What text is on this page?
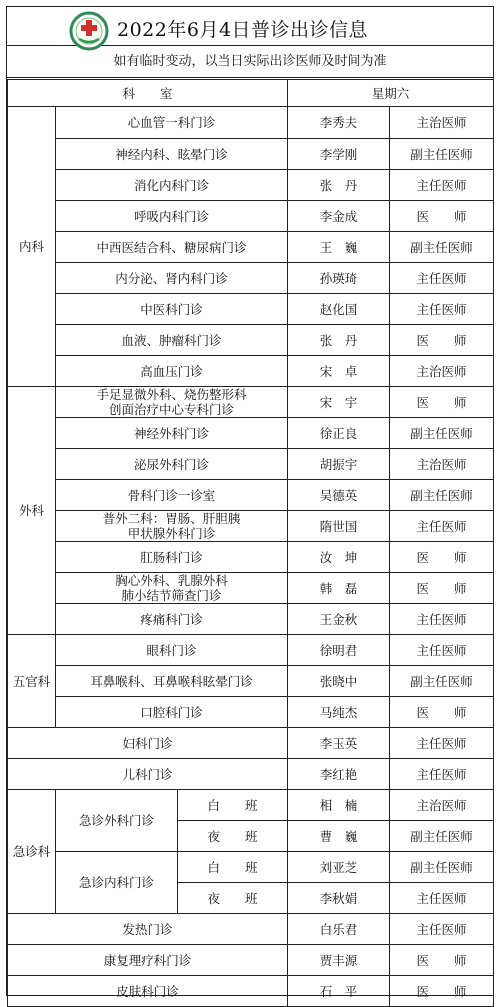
2022年6月4日普诊出诊信息
如有临时变动，以当日实际出诊医师及时间为准
科　　室			星期六	
内科	心血管一科门诊		李秀夫	主治医师
	神经内科、眩晕门诊		李学刚	副主任医师
	消化内科门诊		张　丹	主任医师
	呼吸内科门诊		李金成	医　　师
	中西医结合科、糖尿病门诊		王　巍	副主任医师
	内分泌、肾内科门诊		孙瑛琦	主任医师
	中医科门诊		赵化国	主任医师
	血液、肿瘤科门诊		张　丹	医　　师
	高血压门诊		宋　卓	主治医师
外科	手足显微外科、烧伤整形科
创面治疗中心专科门诊		宋　宇	医　　师
	神经外科门诊		徐正良	副主任医师
	泌尿外科门诊		胡振宇	主治医师
	骨科门诊一诊室		吴德英	副主任医师
	普外二科：胃肠、肝胆胰
甲状腺外科门诊		隋世国	主任医师
	肛肠科门诊		汝　坤	医　　师
	胸心外科、乳腺外科
肺小结节筛查门诊		韩　磊	医　　师
	疼痛科门诊		王金秋	主任医师
五官科	眼科门诊		徐明君	主任医师
	耳鼻喉科、耳鼻喉科眩晕门诊		张晓中	副主任医师
	口腔科门诊		马纯杰	医　　师
妇科门诊			李玉英	主任医师
儿科门诊			李红艳	主任医师
急诊科	急诊外科门诊	白　　班	相　楠	主治医师
		夜　　班	曹　巍	副主任医师
	急诊内科门诊	白　　班	刘亚芝	副主任医师
		夜　　班	李秋娟	主任医师
发热门诊			白乐君	主任医师
康复理疗科门诊			贾丰源	医　　师
皮肤科门诊			石　平	医　　师
